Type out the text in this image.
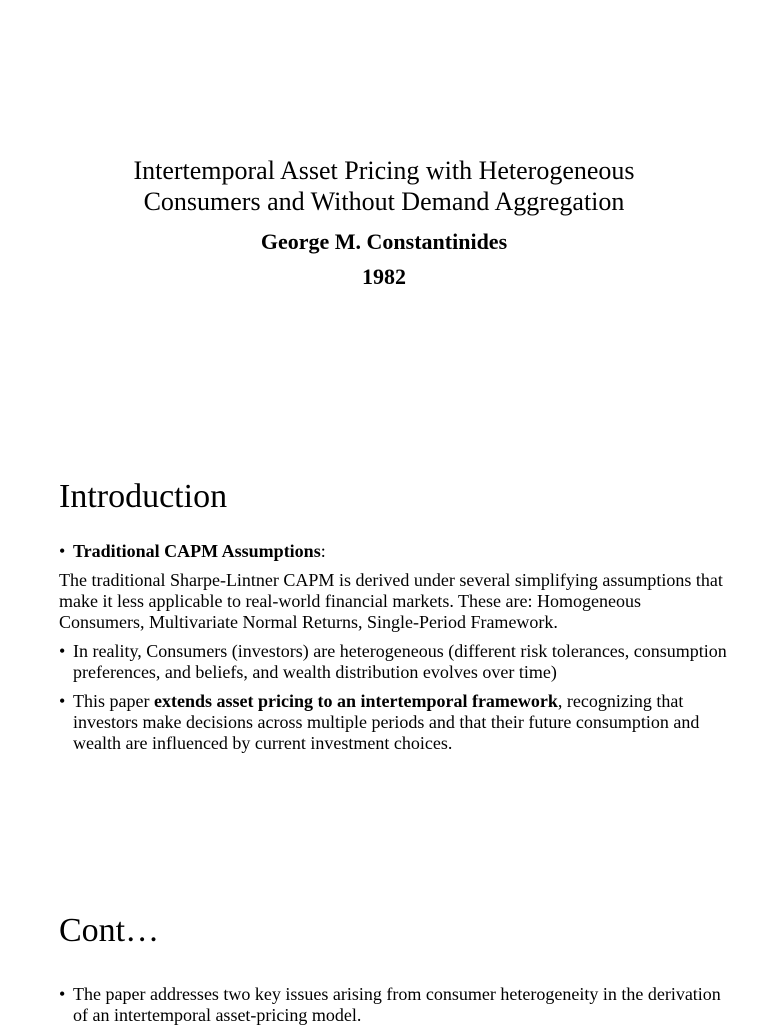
Intertemporal Asset Pricing with Heterogeneous
Consumers and Without Demand Aggregation
George M. Constantinides
1982
Introduction
• Traditional CAPM Assumptions:
The traditional Sharpe-Lintner CAPM is derived under several simplifying assumptions that make it less applicable to real-world financial markets. These are: Homogeneous Consumers, Multivariate Normal Returns, Single-Period Framework.
• In reality, Consumers (investors) are heterogeneous (different risk tolerances, consumption preferences, and beliefs, and wealth distribution evolves over time)
• This paper extends asset pricing to an intertemporal framework, recognizing that investors make decisions across multiple periods and that their future consumption and wealth are influenced by current investment choices.
Cont…
• The paper addresses two key issues arising from consumer heterogeneity in the derivation of an intertemporal asset-pricing model.
